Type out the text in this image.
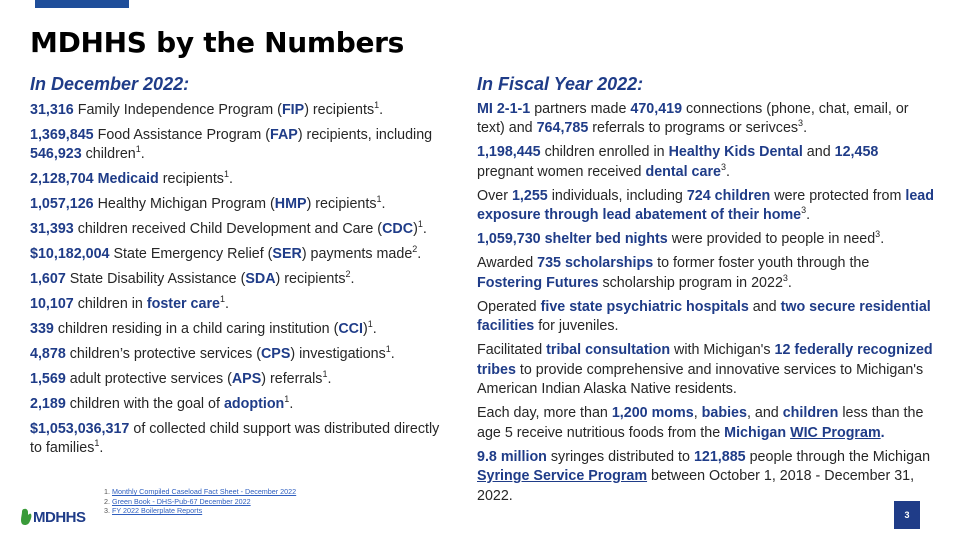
MDHHS by the Numbers

In December 2022:

31,316 Family Independence Program (FIP) recipients$^1$.

1,369,845 Food Assistance Program (FAP) recipients, including 546,923 children$^1$.

2,128,704 Medicaid recipients$^1$.

1,057,126 Healthy Michigan Program (HMP) recipients$^1$.

31,393 children received Child Development and Care (CDC)$^1$.

$10,182,004 State Emergency Relief (SER) payments made$^2$.

1,607 State Disability Assistance (SDA) recipients$^2$.

10,107 children in foster care$^1$.

339 children residing in a child caring institution (CCI)$^1$.

4,878 children’s protective services (CPS) investigations$^1$.

1,569 adult protective services (APS) referrals$^1$.

2,189 children with the goal of adoption$^1$.

$1,053,036,317 of collected child support was distributed directly to families$^1$.

In Fiscal Year 2022:

MI 2-1-1 partners made 470,419 connections (phone, chat, email, or text) and 764,785 referrals to programs or serivces$^3$.

1,198,445 children enrolled in Healthy Kids Dental and 12,458 pregnant women received dental care$^3$.

Over 1,255 individuals, including 724 children were protected from lead exposure through lead abatement of their home$^3$.

1,059,730 shelter bed nights were provided to people in need$^3$.

Awarded 735 scholarships to former foster youth through the Fostering Futures scholarship program in 2022$^3$.

Operated five state psychiatric hospitals and two secure residential facilities for juveniles.

Facilitated tribal consultation with Michigan's 12 federally recognized tribes to provide comprehensive and innovative services to Michigan's American Indian Alaska Native residents.

Each day, more than 1,200 moms, babies, and children less than the age 5 receive nutritious foods from the Michigan WIC Program.

9.8 million syringes distributed to 121,885 people through the Michigan Syringe Service Program between October 1, 2018 - December 31, 2022.

1. Monthly Compiled Caseload Fact Sheet - December 2022
2. Green Book - DHS-Pub-67 December 2022
3. FY 2022 Boilerplate Reports
MDHHS	3
